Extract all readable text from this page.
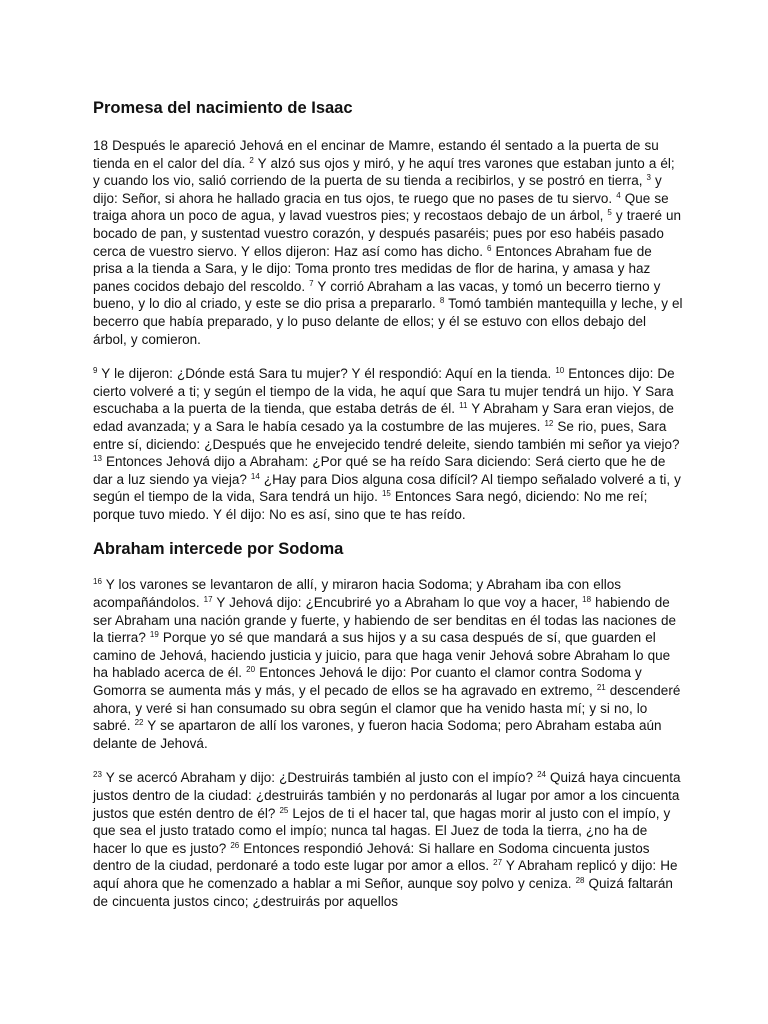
Promesa del nacimiento de Isaac

18 Después le apareció Jehová en el encinar de Mamre, estando él sentado a la puerta de su tienda en el calor del día. $^2$ Y alzó sus ojos y miró, y he aquí tres varones que estaban junto a él; y cuando los vio, salió corriendo de la puerta de su tienda a recibirlos, y se postró en tierra, $^3$ y dijo: Señor, si ahora he hallado gracia en tus ojos, te ruego que no pases de tu siervo. $^4$ Que se traiga ahora un poco de agua, y lavad vuestros pies; y recostaos debajo de un árbol, $^5$ y traeré un bocado de pan, y sustentad vuestro corazón, y después pasaréis; pues por eso habéis pasado cerca de vuestro siervo. Y ellos dijeron: Haz así como has dicho. $^6$ Entonces Abraham fue de prisa a la tienda a Sara, y le dijo: Toma pronto tres medidas de flor de harina, y amasa y haz panes cocidos debajo del rescoldo. $^7$ Y corrió Abraham a las vacas, y tomó un becerro tierno y bueno, y lo dio al criado, y este se dio prisa a prepararlo. $^8$ Tomó también mantequilla y leche, y el becerro que había preparado, y lo puso delante de ellos; y él se estuvo con ellos debajo del árbol, y comieron.

$^9$ Y le dijeron: ¿Dónde está Sara tu mujer? Y él respondió: Aquí en la tienda. $^{10}$ Entonces dijo: De cierto volveré a ti; y según el tiempo de la vida, he aquí que Sara tu mujer tendrá un hijo. Y Sara escuchaba a la puerta de la tienda, que estaba detrás de él. $^{11}$ Y Abraham y Sara eran viejos, de edad avanzada; y a Sara le había cesado ya la costumbre de las mujeres. $^{12}$ Se rio, pues, Sara entre sí, diciendo: ¿Después que he envejecido tendré deleite, siendo también mi señor ya viejo? $^{13}$ Entonces Jehová dijo a Abraham: ¿Por qué se ha reído Sara diciendo: Será cierto que he de dar a luz siendo ya vieja? $^{14}$ ¿Hay para Dios alguna cosa difícil? Al tiempo señalado volveré a ti, y según el tiempo de la vida, Sara tendrá un hijo. $^{15}$ Entonces Sara negó, diciendo: No me reí; porque tuvo miedo. Y él dijo: No es así, sino que te has reído.

Abraham intercede por Sodoma

$^{16}$ Y los varones se levantaron de allí, y miraron hacia Sodoma; y Abraham iba con ellos acompañándolos. $^{17}$ Y Jehová dijo: ¿Encubriré yo a Abraham lo que voy a hacer, $^{18}$ habiendo de ser Abraham una nación grande y fuerte, y habiendo de ser benditas en él todas las naciones de la tierra? $^{19}$ Porque yo sé que mandará a sus hijos y a su casa después de sí, que guarden el camino de Jehová, haciendo justicia y juicio, para que haga venir Jehová sobre Abraham lo que ha hablado acerca de él. $^{20}$ Entonces Jehová le dijo: Por cuanto el clamor contra Sodoma y Gomorra se aumenta más y más, y el pecado de ellos se ha agravado en extremo, $^{21}$ descenderé ahora, y veré si han consumado su obra según el clamor que ha venido hasta mí; y si no, lo sabré. $^{22}$ Y se apartaron de allí los varones, y fueron hacia Sodoma; pero Abraham estaba aún delante de Jehová.

$^{23}$ Y se acercó Abraham y dijo: ¿Destruirás también al justo con el impío? $^{24}$ Quizá haya cincuenta justos dentro de la ciudad: ¿destruirás también y no perdonarás al lugar por amor a los cincuenta justos que estén dentro de él? $^{25}$ Lejos de ti el hacer tal, que hagas morir al justo con el impío, y que sea el justo tratado como el impío; nunca tal hagas. El Juez de toda la tierra, ¿no ha de hacer lo que es justo? $^{26}$ Entonces respondió Jehová: Si hallare en Sodoma cincuenta justos dentro de la ciudad, perdonaré a todo este lugar por amor a ellos. $^{27}$ Y Abraham replicó y dijo: He aquí ahora que he comenzado a hablar a mi Señor, aunque soy polvo y ceniza. $^{28}$ Quizá faltarán de cincuenta justos cinco; ¿destruirás por aquellos
